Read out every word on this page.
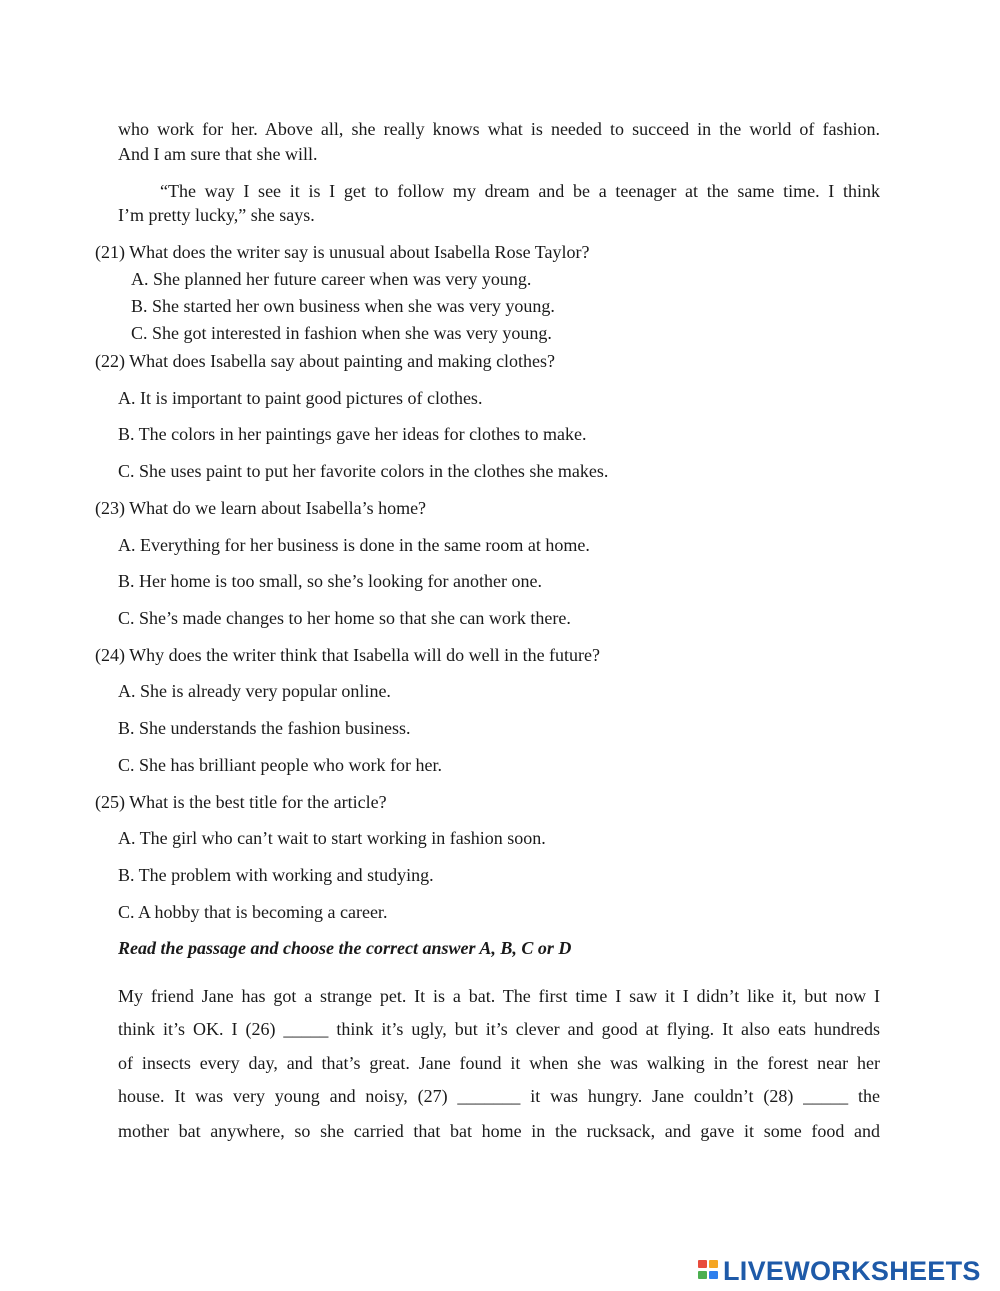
who work for her. Above all, she really knows what is needed to succeed in the world of fashion.

And I am sure that she will.

“The way I see it is I get to follow my dream and be a teenager at the same time. I think

I’m pretty lucky,” she says.

(21) What does the writer say is unusual about Isabella Rose Taylor?

A. She planned her future career when was very young.

B. She started her own business when she was very young.

C. She got interested in fashion when she was very young.

(22) What does Isabella say about painting and making clothes?

A. It is important to paint good pictures of clothes.

B. The colors in her paintings gave her ideas for clothes to make.

C. She uses paint to put her favorite colors in the clothes she makes.

(23) What do we learn about Isabella’s home?

A. Everything for her business is done in the same room at home.

B. Her home is too small, so she’s looking for another one.

C. She’s made changes to her home so that she can work there.

(24) Why does the writer think that Isabella will do well in the future?

A. She is already very popular online.

B. She understands the fashion business.

C. She has brilliant people who work for her.

(25) What is the best title for the article?

A. The girl who can’t wait to start working in fashion soon.

B. The problem with working and studying.

C. A hobby that is becoming a career.

Read the passage and choose the correct answer A, B, C or D

My friend Jane has got a strange pet. It is a bat. The first time I saw it I didn’t like it, but now I

think it’s OK. I (26) _____ think it’s ugly, but it’s clever and good at flying. It also eats hundreds

of insects every day, and that’s great. Jane found it when she was walking in the forest near her

house. It was very young and noisy, (27) _______ it was hungry. Jane couldn’t (28) _____ the

mother bat anywhere, so she carried that bat home in the rucksack, and gave it some food and

LIVEWORKSHEETS
